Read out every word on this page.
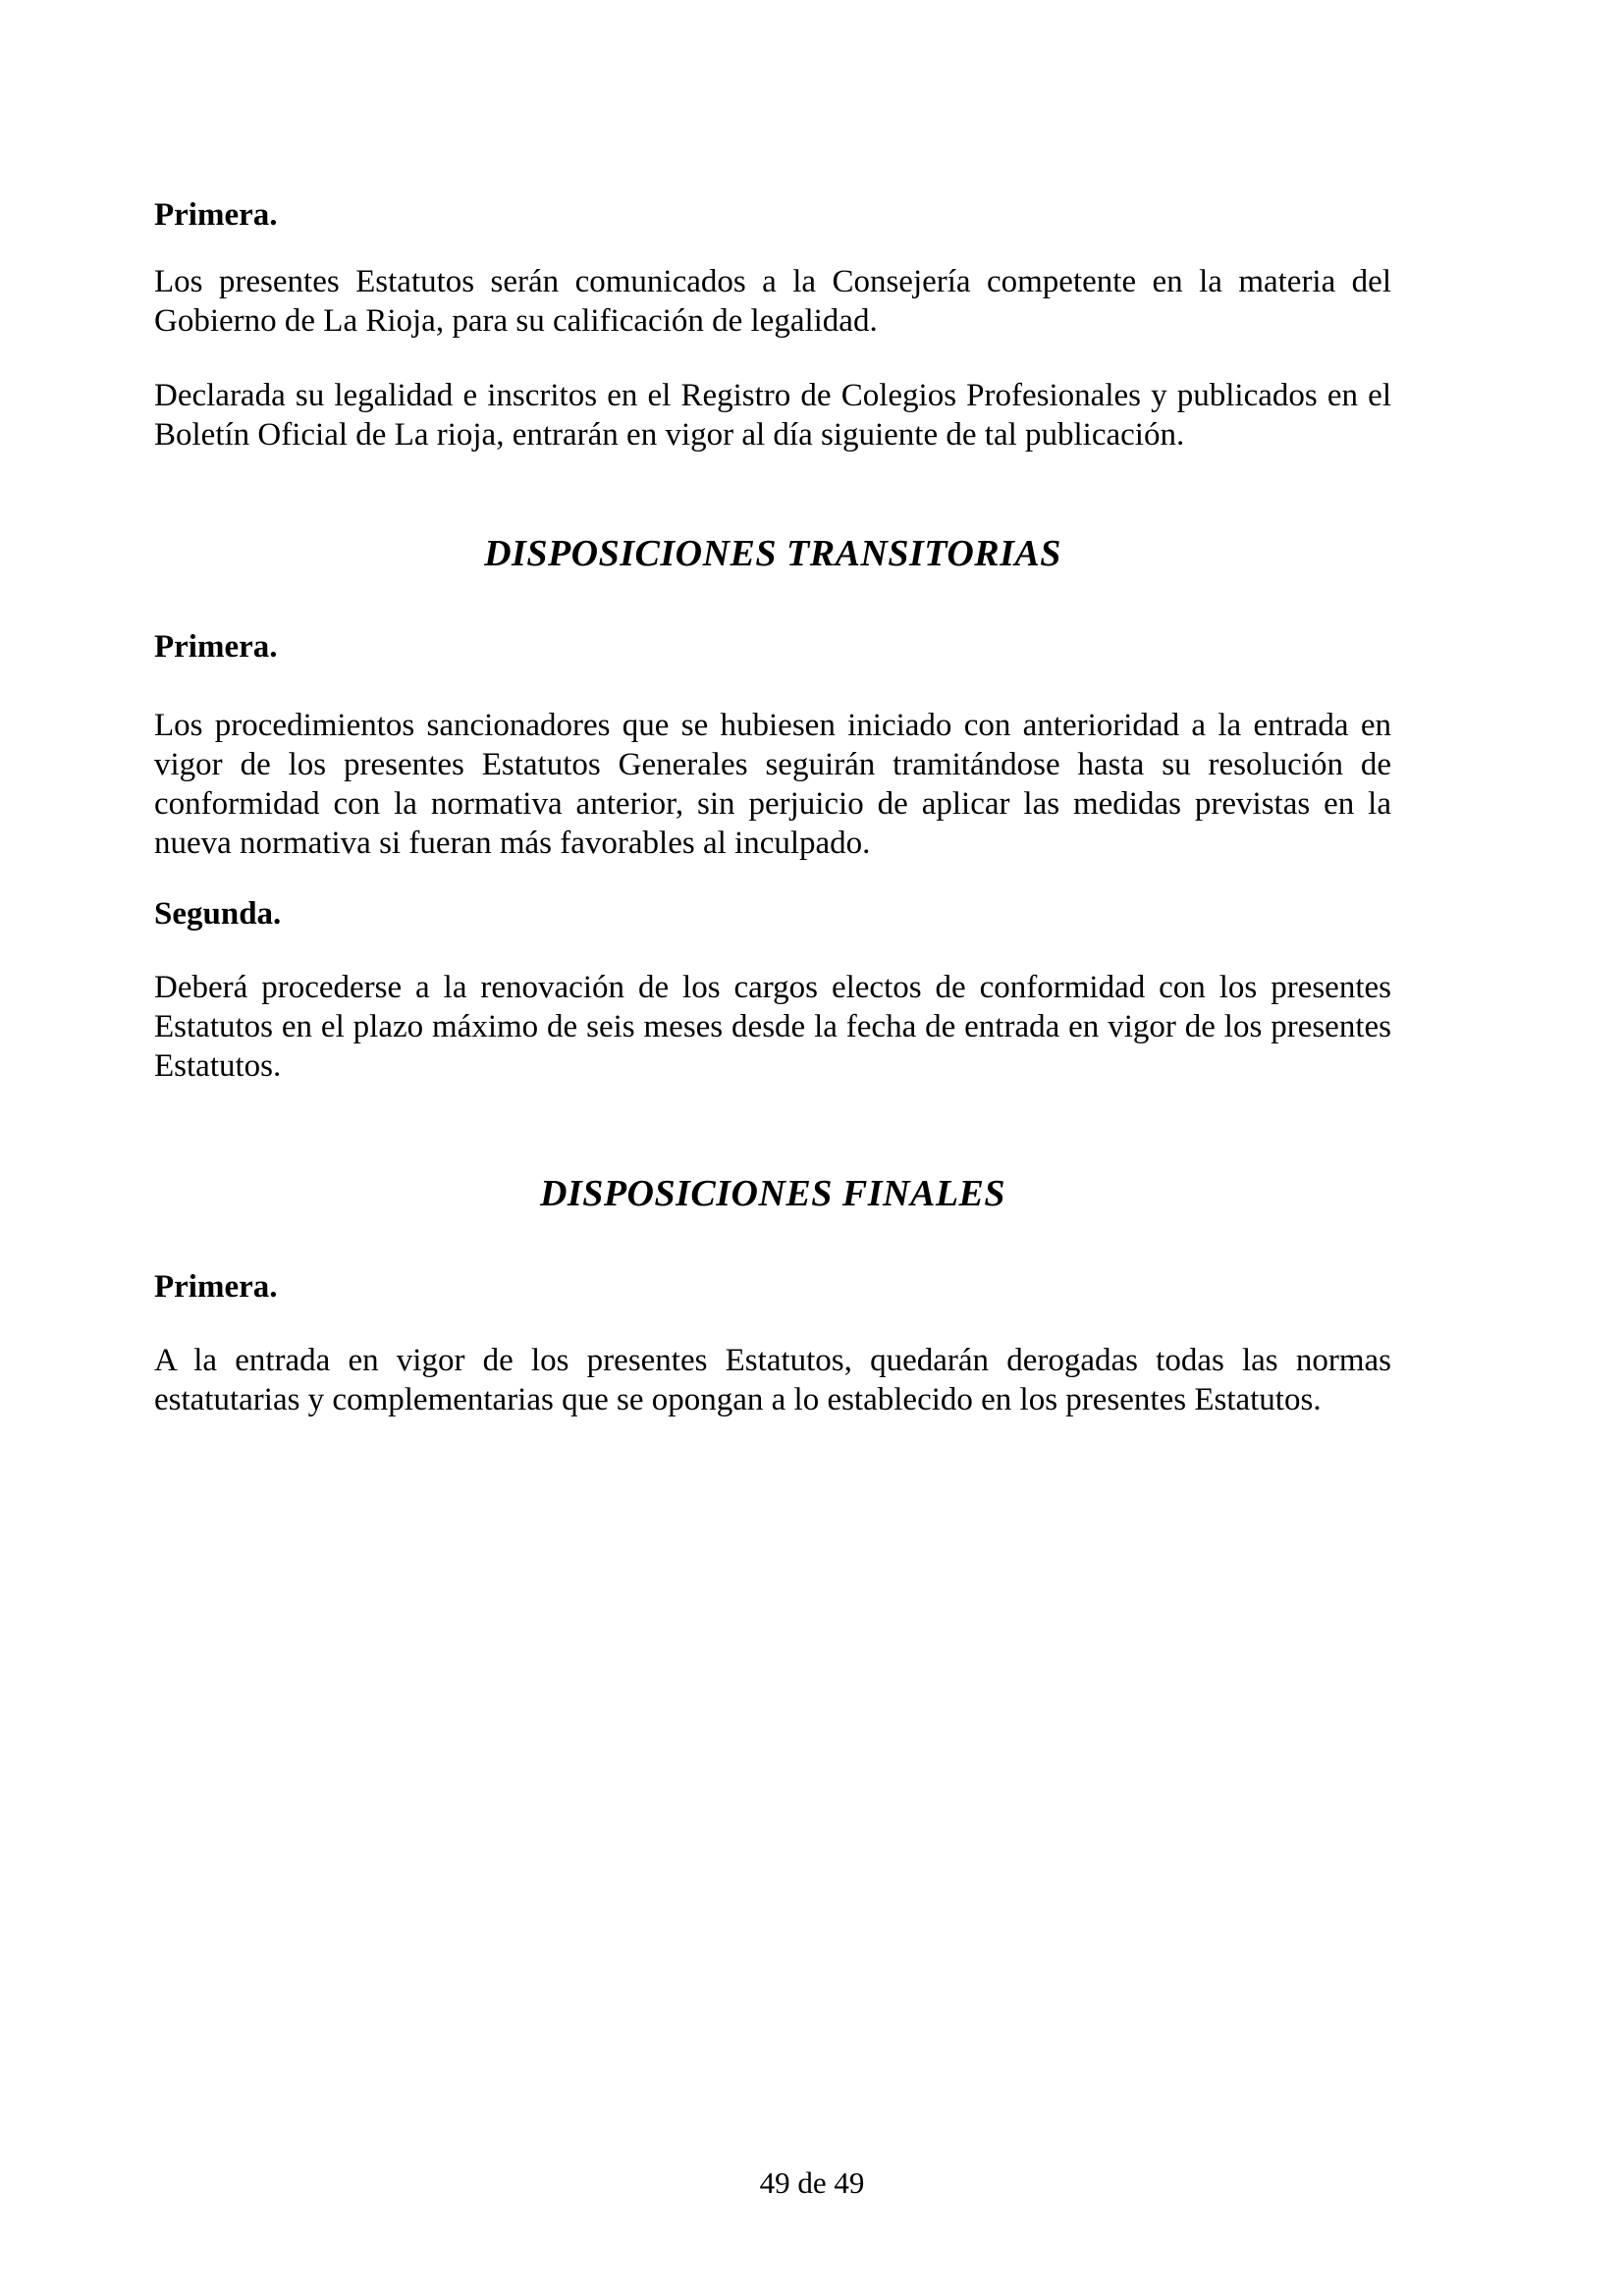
Primera.

Los presentes Estatutos serán comunicados a la Consejería competente en la materia del Gobierno de La Rioja, para su calificación de legalidad.

Declarada su legalidad e inscritos en el Registro de Colegios Profesionales y publicados en el Boletín Oficial de La rioja, entrarán en vigor al día siguiente de tal publicación.

DISPOSICIONES TRANSITORIAS
Primera.

Los procedimientos sancionadores que se hubiesen iniciado con anterioridad a la entrada en vigor de los presentes Estatutos Generales seguirán tramitándose hasta su resolución de conformidad con la normativa anterior, sin perjuicio de aplicar las medidas previstas en la nueva normativa si fueran más favorables al inculpado.

Segunda.

Deberá procederse a la renovación de los cargos electos de conformidad con los presentes Estatutos en el plazo máximo de seis meses desde la fecha de entrada en vigor de los presentes Estatutos.

DISPOSICIONES FINALES
Primera.

A la entrada en vigor de los presentes Estatutos, quedarán derogadas todas las normas estatutarias y complementarias que se opongan a lo establecido en los presentes Estatutos.

49 de 49
